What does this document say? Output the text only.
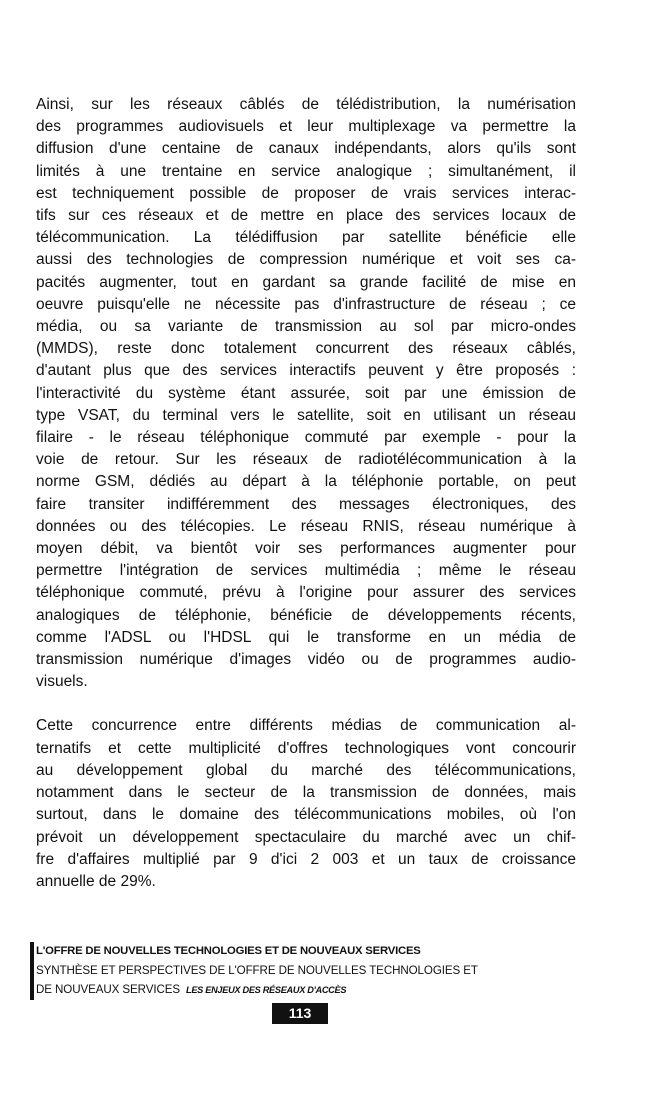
Ainsi, sur les réseaux câblés de télédistribution, la numérisation
des programmes audiovisuels et leur multiplexage va permettre la
diffusion d'une centaine de canaux indépendants, alors qu'ils sont
limités à une trentaine en service analogique ; simultanément, il
est techniquement possible de proposer de vrais services interac-
tifs sur ces réseaux et de mettre en place des services locaux de
télécommunication. La télédiffusion par satellite bénéficie elle
aussi des technologies de compression numérique et voit ses ca-
pacités augmenter, tout en gardant sa grande facilité de mise en
oeuvre puisqu'elle ne nécessite pas d'infrastructure de réseau ; ce
média, ou sa variante de transmission au sol par micro-ondes
(MMDS), reste donc totalement concurrent des réseaux câblés,
d'autant plus que des services interactifs peuvent y être proposés :
l'interactivité du système étant assurée, soit par une émission de
type VSAT, du terminal vers le satellite, soit en utilisant un réseau
filaire - le réseau téléphonique commuté par exemple - pour la
voie de retour. Sur les réseaux de radiotélécommunication à la
norme GSM, dédiés au départ à la téléphonie portable, on peut
faire transiter indifféremment des messages électroniques, des
données ou des télécopies. Le réseau RNIS, réseau numérique à
moyen débit, va bientôt voir ses performances augmenter pour
permettre l'intégration de services multimédia ; même le réseau
téléphonique commuté, prévu à l'origine pour assurer des services
analogiques de téléphonie, bénéficie de développements récents,
comme l'ADSL ou l'HDSL qui le transforme en un média de
transmission numérique d'images vidéo ou de programmes audio-
visuels.
Cette concurrence entre différents médias de communication al-
ternatifs et cette multiplicité d'offres technologiques vont concourir
au développement global du marché des télécommunications,
notamment dans le secteur de la transmission de données, mais
surtout, dans le domaine des télécommunications mobiles, où l'on
prévoit un développement spectaculaire du marché avec un chif-
fre d'affaires multiplié par 9 d'ici 2 003 et un taux de croissance
annuelle de 29%.
L'OFFRE DE NOUVELLES TECHNOLOGIES ET DE NOUVEAUX SERVICES
SYNTHÈSE ET PERSPECTIVES DE L'OFFRE DE NOUVELLES TECHNOLOGIES ET
DE NOUVEAUX SERVICES LES ENJEUX DES RÉSEAUX D'ACCÈS
113
